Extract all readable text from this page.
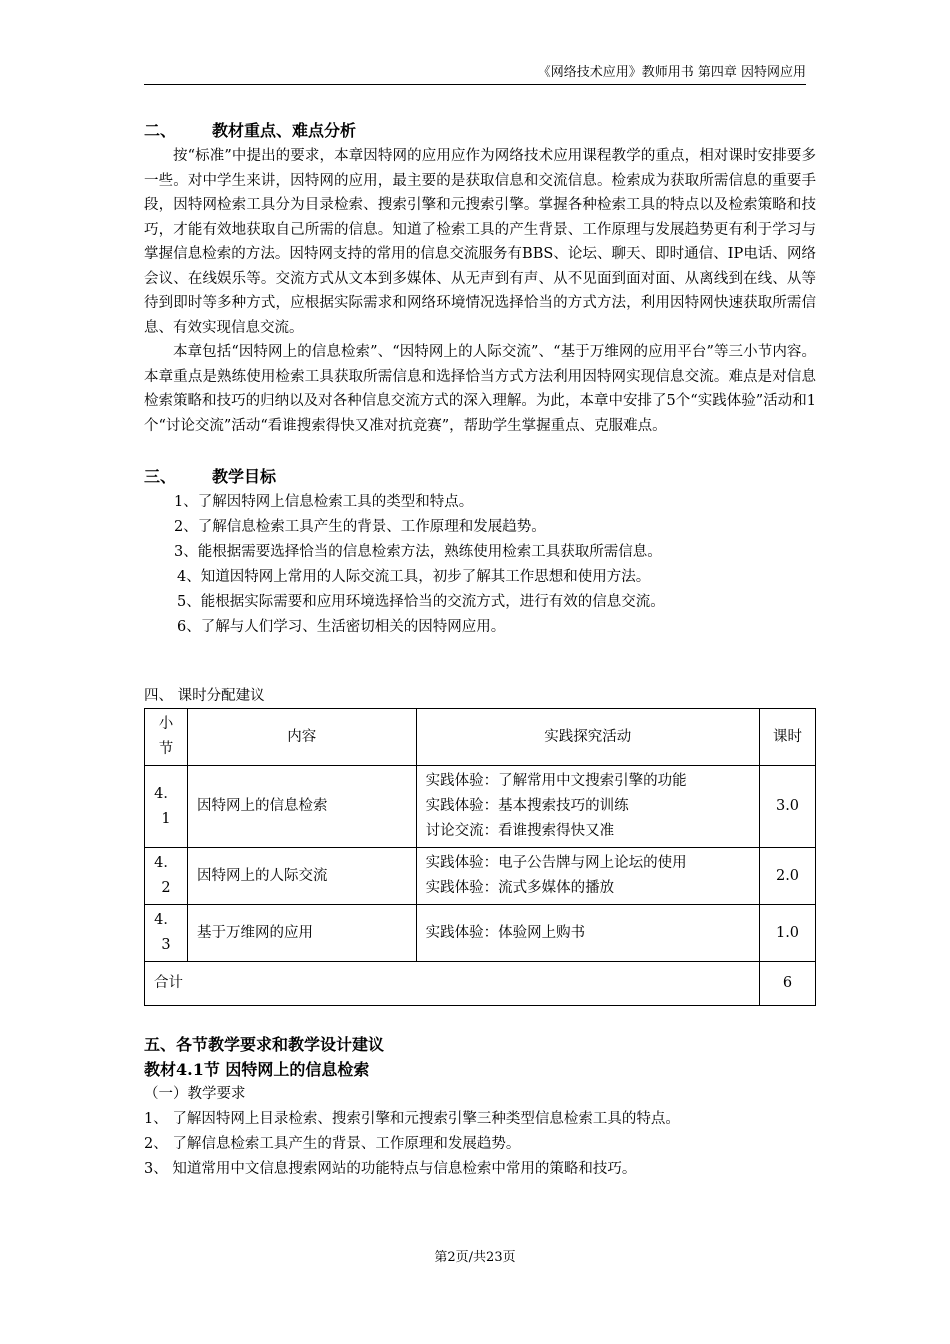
《网络技术应用》教师用书 第四章 因特网应用
二、 教材重点、难点分析

按“标准”中提出的要求，本章因特网的应用应作为网络技术应用课程教学的重点，相对课时安排要多一些。对中学生来讲，因特网的应用，最主要的是获取信息和交流信息。检索成为获取所需信息的重要手段，因特网检索工具分为目录检索、搜索引擎和元搜索引擎。掌握各种检索工具的特点以及检索策略和技巧，才能有效地获取自己所需的信息。知道了检索工具的产生背景、工作原理与发展趋势更有利于学习与掌握信息检索的方法。因特网支持的常用的信息交流服务有BBS、论坛、聊天、即时通信、IP电话、网络会议、在线娱乐等。交流方式从文本到多媒体、从无声到有声、从不见面到面对面、从离线到在线、从等待到即时等多种方式，应根据实际需求和网络环境情况选择恰当的方式方法，利用因特网快速获取所需信息、有效实现信息交流。

本章包括“因特网上的信息检索”、“因特网上的人际交流”、“基于万维网的应用平台”等三小节内容。本章重点是熟练使用检索工具获取所需信息和选择恰当方式方法利用因特网实现信息交流。难点是对信息检索策略和技巧的归纳以及对各种信息交流方式的深入理解。为此，本章中安排了5个“实践体验”活动和1个“讨论交流”活动“看谁搜索得快又准对抗竞赛”，帮助学生掌握重点、克服难点。

三、 教学目标
1、了解因特网上信息检索工具的类型和特点。
2、了解信息检索工具产生的背景、工作原理和发展趋势。
3、能根据需要选择恰当的信息检索方法，熟练使用检索工具获取所需信息。
4、知道因特网上常用的人际交流工具，初步了解其工作思想和使用方法。
5、能根据实际需要和应用环境选择恰当的交流方式，进行有效的信息交流。
6、了解与人们学习、生活密切相关的因特网应用。
四、 课时分配建议
小节	内容	实践探究活动	课时
4．1	因特网上的信息检索	实践体验：了解常用中文搜索引擎的功能
实践体验：基本搜索技巧的训练
讨论交流：看谁搜索得快又准	3.0
4．2	因特网上的人际交流	实践体验：电子公告牌与网上论坛的使用
实践体验：流式多媒体的播放	2.0
4．3	基于万维网的应用	实践体验：体验网上购书	1.0
合计			6
五、各节教学要求和教学设计建议
教材4.1节 因特网上的信息检索

（一）教学要求

1、 了解因特网上目录检索、搜索引擎和元搜索引擎三种类型信息检索工具的特点。

2、 了解信息检索工具产生的背景、工作原理和发展趋势。

3、 知道常用中文信息搜索网站的功能特点与信息检索中常用的策略和技巧。

第2页/共23页
